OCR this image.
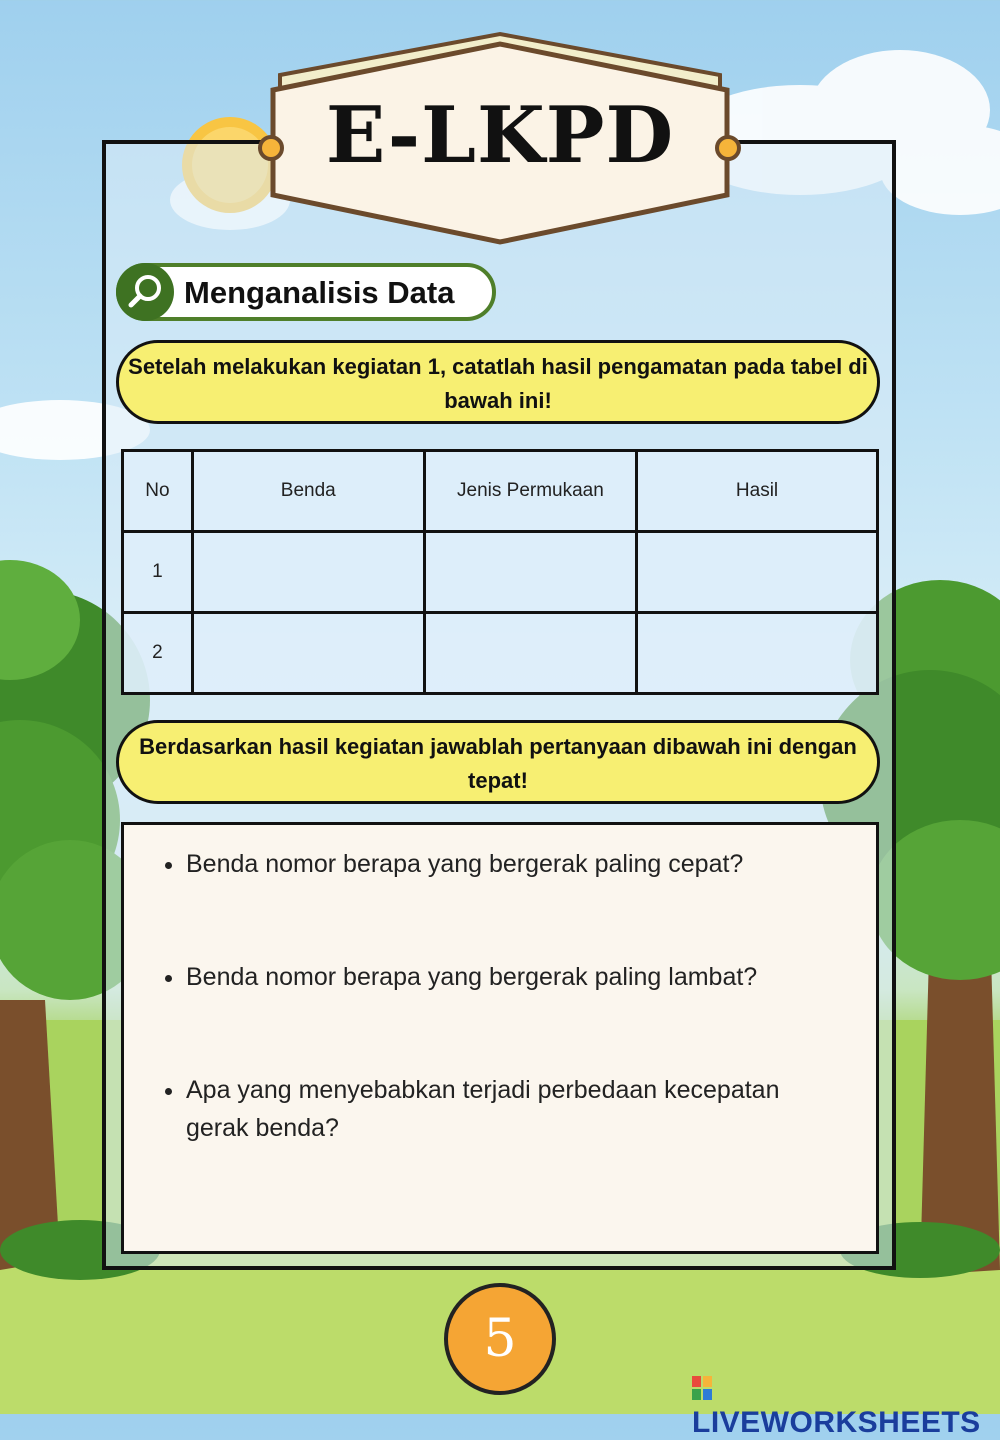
E-LKPD
Menganalisis Data
Setelah melakukan kegiatan 1, catatlah hasil pengamatan pada tabel di bawah ini!
No	Benda	Jenis Permukaan	Hasil
1			
2			
Berdasarkan hasil kegiatan jawablah pertanyaan dibawah ini dengan tepat!
• Benda nomor berapa yang bergerak paling cepat?
• Benda nomor berapa yang bergerak paling lambat?
• Apa yang menyebabkan terjadi perbedaan kecepatan gerak benda?
5
LIVEWORKSHEETS
